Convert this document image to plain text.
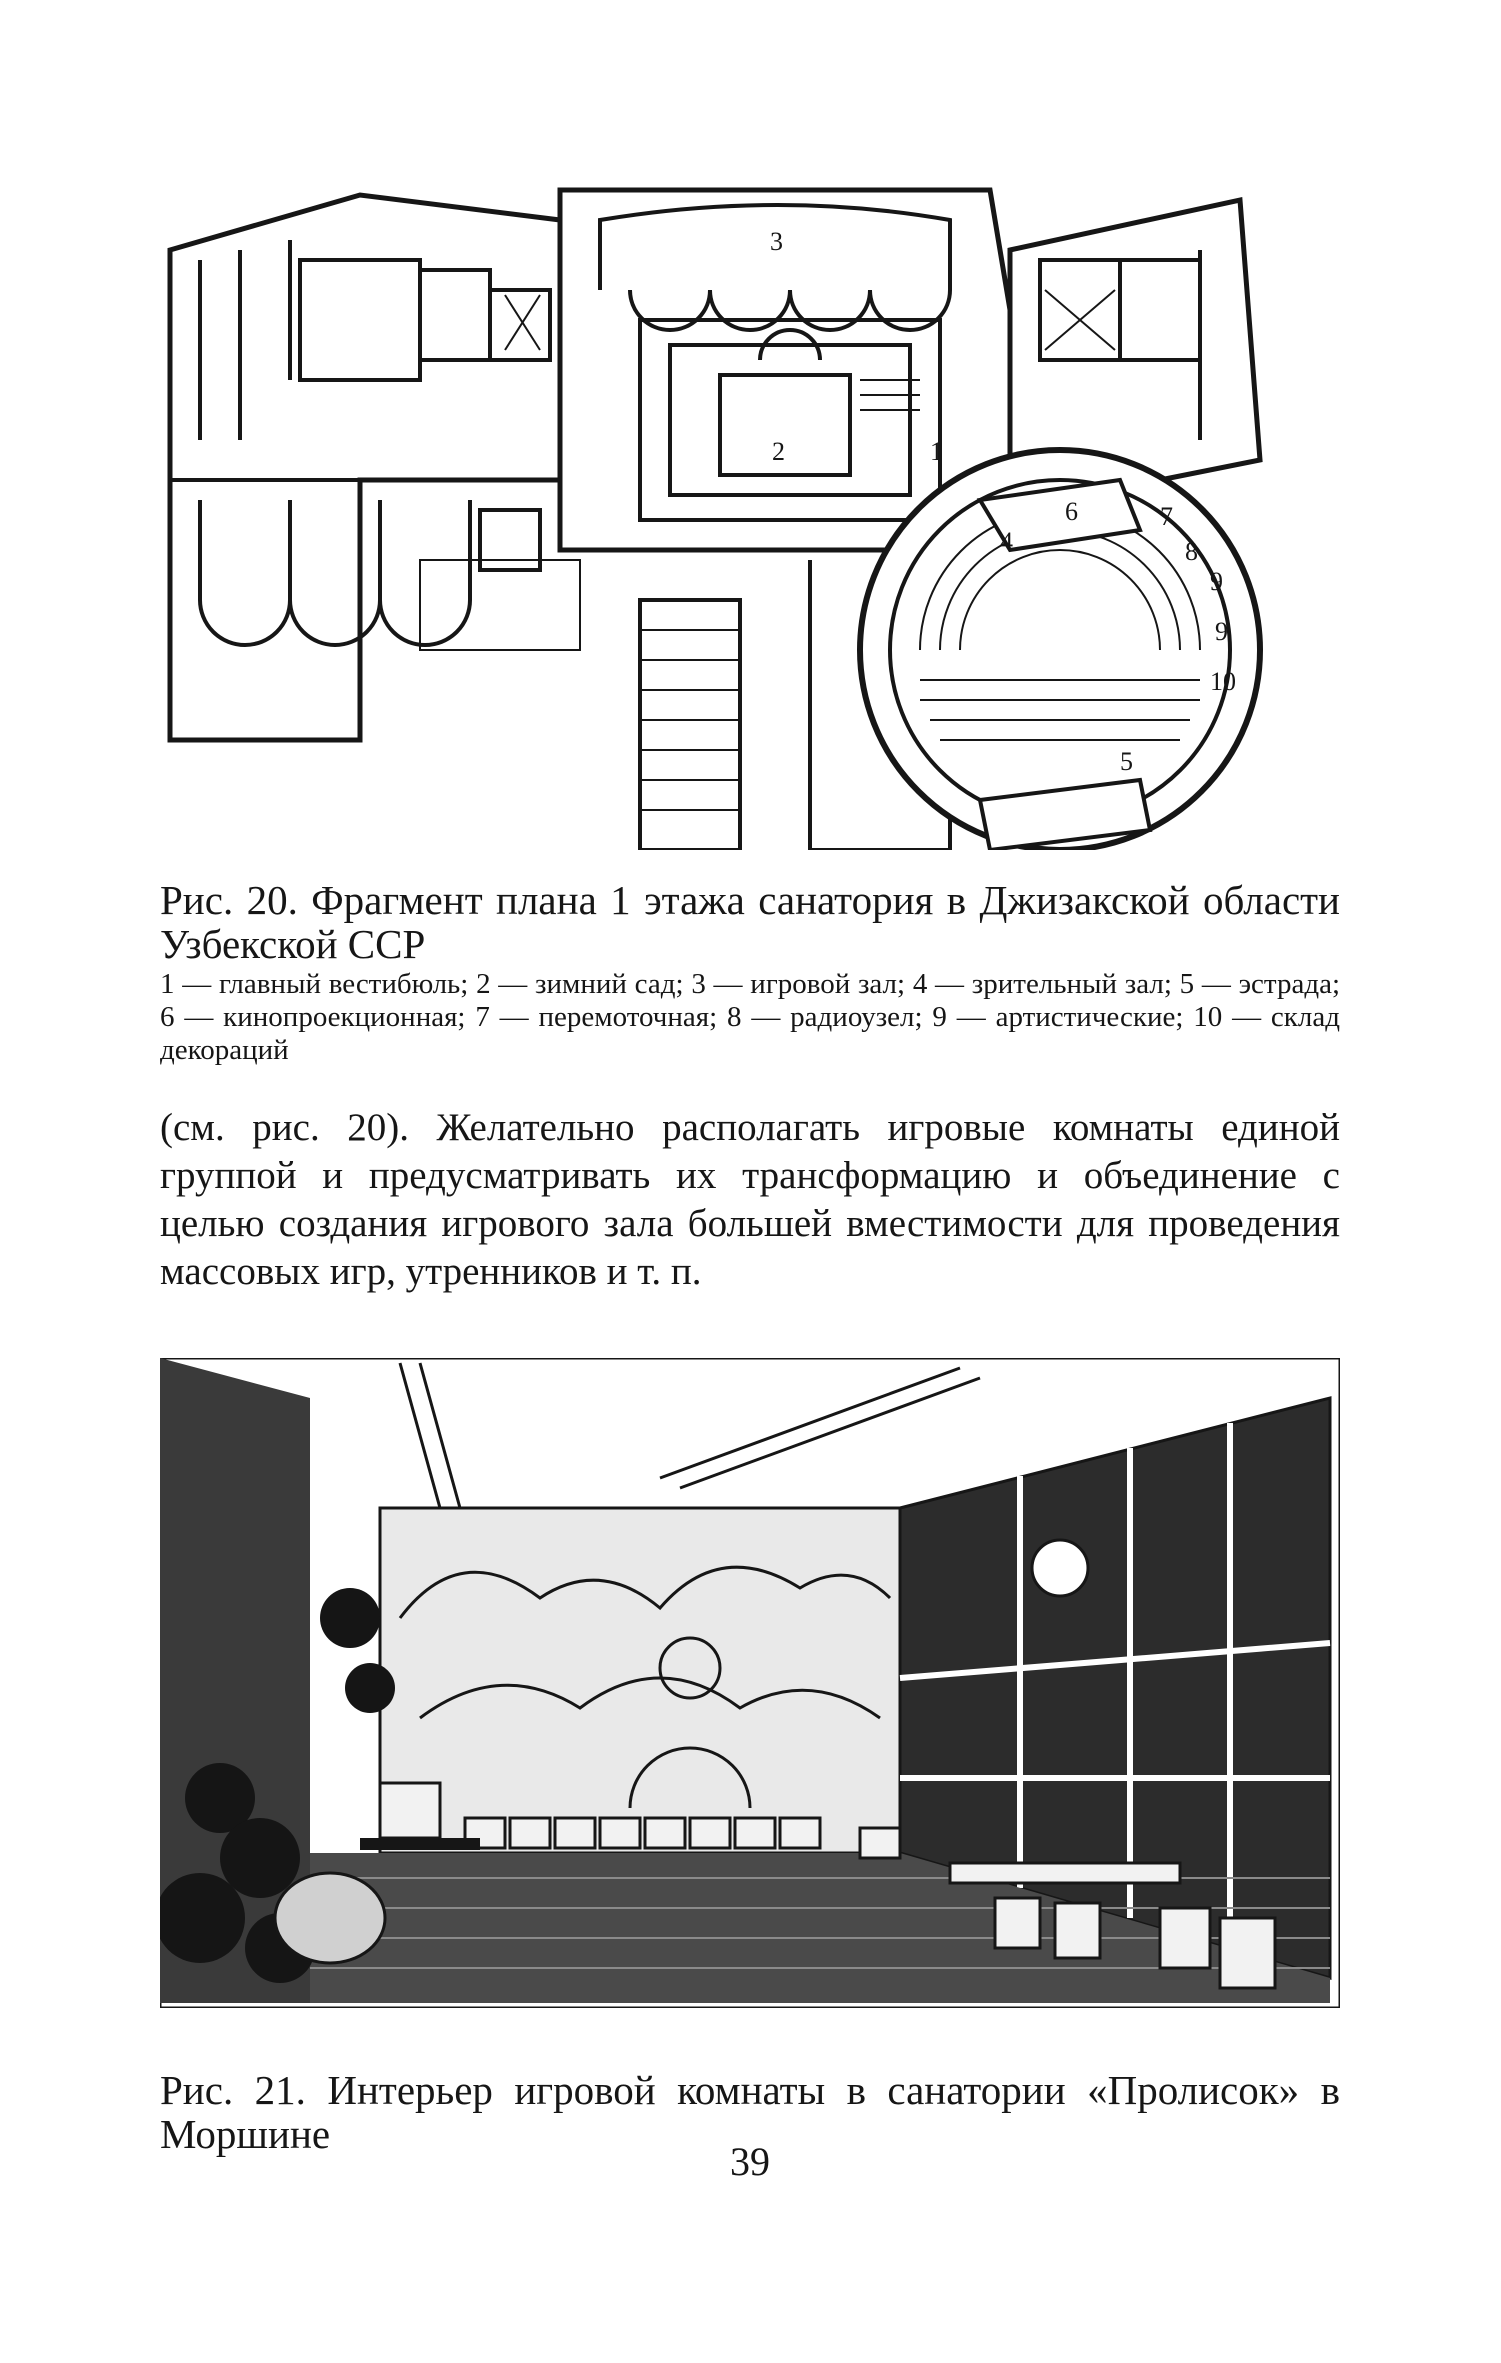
3
2	1
4
6	7
8
9
9
10
5
Рис. 20. Фрагмент плана 1 этажа санатория в Джизакской области Узбекской ССР
1 — главный вестибюль; 2 — зимний сад; 3 — игровой зал; 4 — зрительный зал; 5 — эстрада; 6 — кинопроекционная; 7 — перемоточная; 8 — радиоузел; 9 — артистические; 10 — склад декораций
(см. рис. 20). Желательно располагать игровые комнаты единой группой и предусматривать их трансформацию и объединение с целью создания игрового зала большей вместимости для проведения массовых игр, утренников и т. п.
Рис. 21. Интерьер игровой комнаты в санатории «Пролисок» в Моршине
39
